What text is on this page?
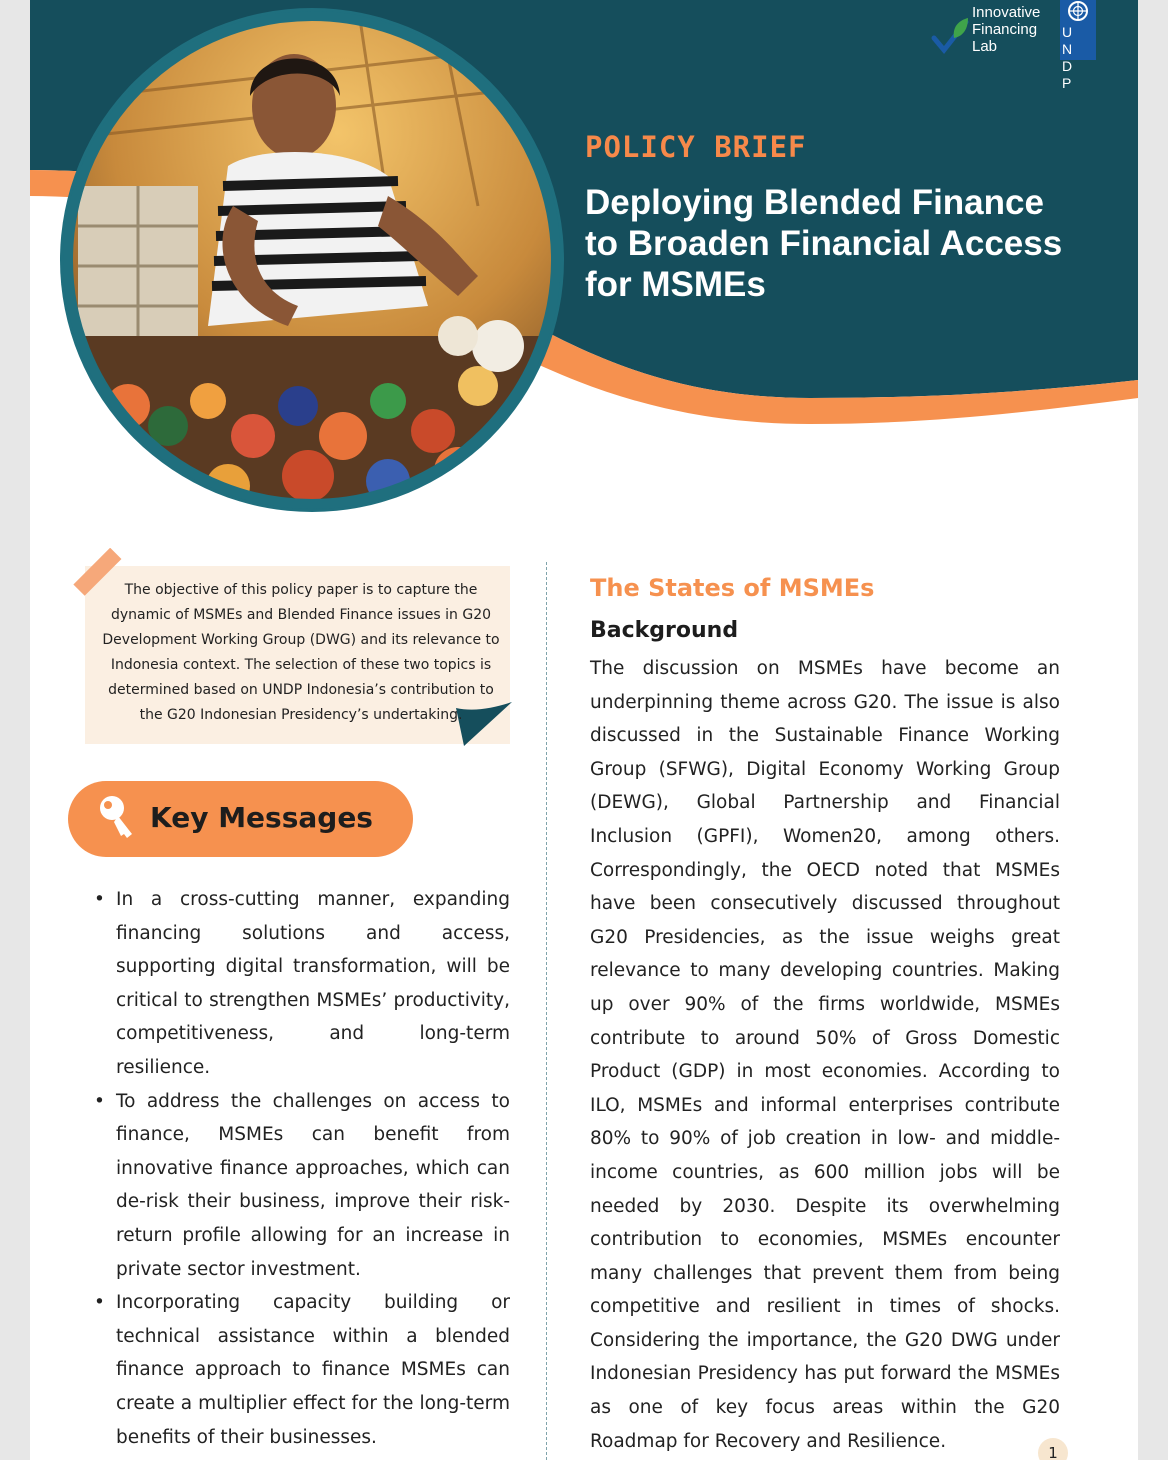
Innovative
Financing
Lab
U N
D P
POLICY BRIEF
Deploying Blended Finance
to Broaden Financial Access
for MSMEs
The objective of this policy paper is to capture the dynamic of MSMEs and Blended Finance issues in G20 Development Working Group (DWG) and its relevance to Indonesia context. The selection of these two topics is determined based on UNDP Indonesia’s contribution to the G20 Indonesian Presidency’s undertaking.
Key Messages
• In a cross-cutting manner, expanding financing solutions and access, supporting digital transformation, will be critical to strengthen MSMEs’ productivity, competitiveness, and long-term resilience.
• To address the challenges on access to finance, MSMEs can benefit from innovative finance approaches, which can de-risk their business, improve their risk-return profile allowing for an increase in private sector investment.
• Incorporating capacity building or technical assistance within a blended finance approach to finance MSMEs can create a multiplier effect for the long-term benefits of their businesses.
The States of MSMEs
Background

The discussion on MSMEs have become an underpinning theme across G20. The issue is also discussed in the Sustainable Finance Working Group (SFWG), Digital Economy Working Group (DEWG), Global Partnership and Financial Inclusion (GPFI), Women20, among others. Correspondingly, the OECD noted that MSMEs have been consecutively discussed throughout G20 Presidencies, as the issue weighs great relevance to many developing countries. Making up over 90% of the firms worldwide, MSMEs contribute to around 50% of Gross Domestic Product (GDP) in most economies. According to ILO, MSMEs and informal enterprises contribute 80% to 90% of job creation in low- and middle-income countries, as 600 million jobs will be needed by 2030. Despite its overwhelming contribution to economies, MSMEs encounter many challenges that prevent them from being competitive and resilient in times of shocks. Considering the importance, the G20 DWG under Indonesian Presidency has put forward the MSMEs as one of key focus areas within the G20 Roadmap for Recovery and Resilience.

1
